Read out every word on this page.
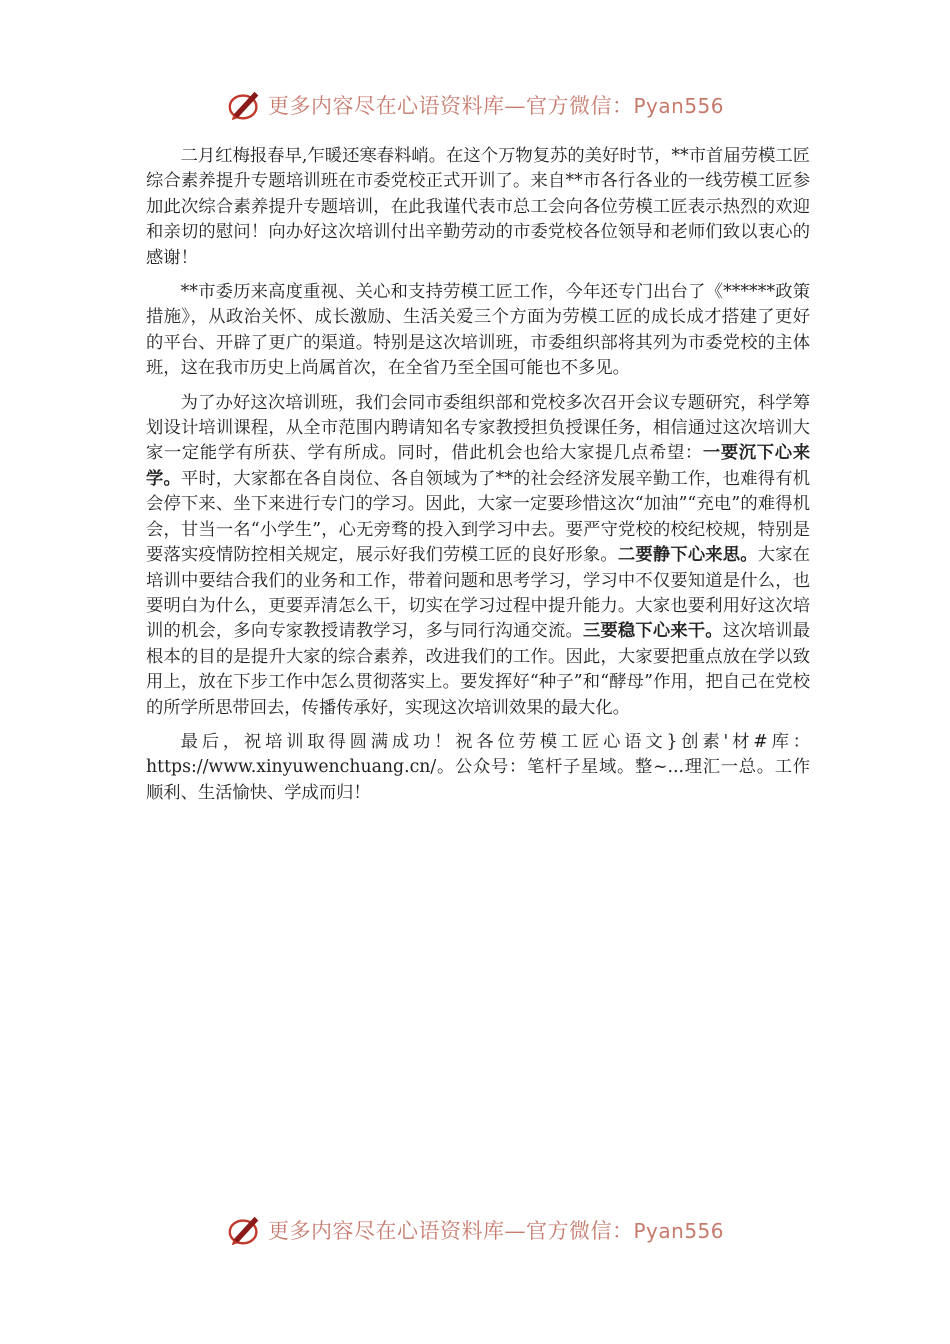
更多内容尽在心语资料库—官方微信：Pyan556

二月红梅报春早,乍暖还寒春料峭。在这个万物复苏的美好时节，**市首届劳模工匠综合素养提升专题培训班在市委党校正式开训了。来自**市各行各业的一线劳模工匠参加此次综合素养提升专题培训，在此我谨代表市总工会向各位劳模工匠表示热烈的欢迎和亲切的慰问！向办好这次培训付出辛勤劳动的市委党校各位领导和老师们致以衷心的感谢！

**市委历来高度重视、关心和支持劳模工匠工作，今年还专门出台了《******政策措施》，从政治关怀、成长激励、生活关爱三个方面为劳模工匠的成长成才搭建了更好的平台、开辟了更广的渠道。特别是这次培训班，市委组织部将其列为市委党校的主体班，这在我市历史上尚属首次，在全省乃至全国可能也不多见。

为了办好这次培训班，我们会同市委组织部和党校多次召开会议专题研究，科学筹划设计培训课程，从全市范围内聘请知名专家教授担负授课任务，相信通过这次培训大家一定能学有所获、学有所成。同时，借此机会也给大家提几点希望：一要沉下心来学。平时，大家都在各自岗位、各自领域为了**的社会经济发展辛勤工作，也难得有机会停下来、坐下来进行专门的学习。因此，大家一定要珍惜这次“加油”“充电”的难得机会，甘当一名“小学生”，心无旁骛的投入到学习中去。要严守党校的校纪校规，特别是要落实疫情防控相关规定，展示好我们劳模工匠的良好形象。二要静下心来思。大家在培训中要结合我们的业务和工作，带着问题和思考学习，学习中不仅要知道是什么，也要明白为什么，更要弄清怎么干，切实在学习过程中提升能力。大家也要利用好这次培训的机会，多向专家教授请教学习，多与同行沟通交流。三要稳下心来干。这次培训最根本的目的是提升大家的综合素养，改进我们的工作。因此，大家要把重点放在学以致用上，放在下步工作中怎么贯彻落实上。要发挥好“种子”和“酵母”作用，把自己在党校的所学所思带回去，传播传承好，实现这次培训效果的最大化。

最后，祝培训取得圆满成功！祝各位劳模工匠心语文}创素'材#库：https://www.xinyuwenchuang.cn/。公众号：笔杆子星域。整~...理汇一总。工作顺利、生活愉快、学成而归！

更多内容尽在心语资料库—官方微信：Pyan556
